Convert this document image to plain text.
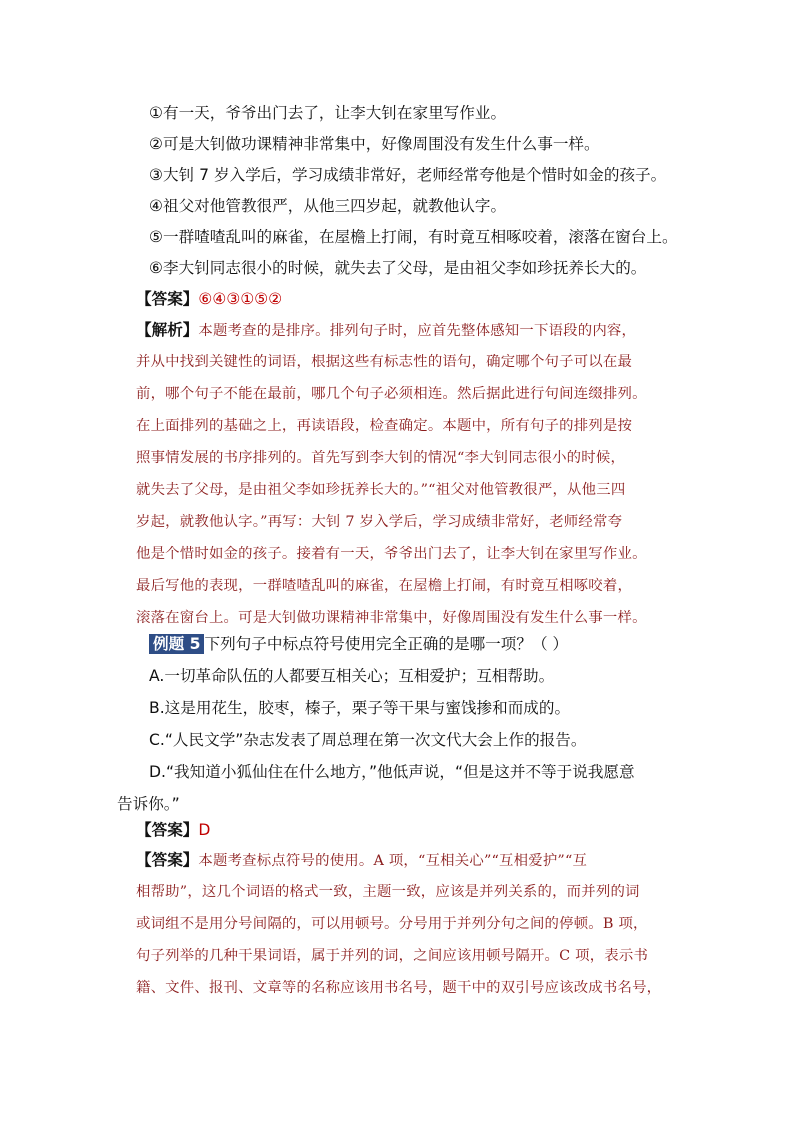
①有一天，爷爷出门去了，让李大钊在家里写作业。
②可是大钊做功课精神非常集中，好像周围没有发生什么事一样。
③大钊 7 岁入学后，学习成绩非常好，老师经常夸他是个惜时如金的孩子。
④祖父对他管教很严，从他三四岁起，就教他认字。
⑤一群喳喳乱叫的麻雀，在屋檐上打闹，有时竟互相啄咬着，滚落在窗台上。
⑥李大钊同志很小的时候，就失去了父母，是由祖父李如珍抚养长大的。
【答案】⑥④③①⑤②
【解析】本题考查的是排序。排列句子时，应首先整体感知一下语段的内容，
并从中找到关键性的词语，根据这些有标志性的语句，确定哪个句子可以在最
前，哪个句子不能在最前，哪几个句子必须相连。然后据此进行句间连缀排列。
在上面排列的基础之上，再读语段，检查确定。本题中，所有句子的排列是按
照事情发展的书序排列的。首先写到李大钊的情况“李大钊同志很小的时候，
就失去了父母，是由祖父李如珍抚养长大的。”“祖父对他管教很严，从他三四
岁起，就教他认字。”再写：大钊 7 岁入学后，学习成绩非常好，老师经常夸
他是个惜时如金的孩子。接着有一天，爷爷出门去了，让李大钊在家里写作业。
最后写他的表现，一群喳喳乱叫的麻雀，在屋檐上打闹，有时竟互相啄咬着，
滚落在窗台上。可是大钊做功课精神非常集中，好像周围没有发生什么事一样。
例题 5 下列句子中标点符号使用完全正确的是哪一项？（ ）
A.一切革命队伍的人都要互相关心；互相爱护；互相帮助。
B.这是用花生，胶枣，榛子，栗子等干果与蜜饯掺和而成的。
C.“人民文学”杂志发表了周总理在第一次文代大会上作的报告。
D.“我知道小狐仙住在什么地方，”他低声说，“但是这并不等于说我愿意
告诉你。”
【答案】D
【答案】本题考查标点符号的使用。A 项，“互相关心”“互相爱护”“互
相帮助”，这几个词语的格式一致，主题一致，应该是并列关系的，而并列的词
或词组不是用分号间隔的，可以用顿号。分号用于并列分句之间的停顿。B 项，
句子列举的几种干果词语，属于并列的词，之间应该用顿号隔开。C 项，表示书
籍、文件、报刊、文章等的名称应该用书名号，题干中的双引号应该改成书名号，
